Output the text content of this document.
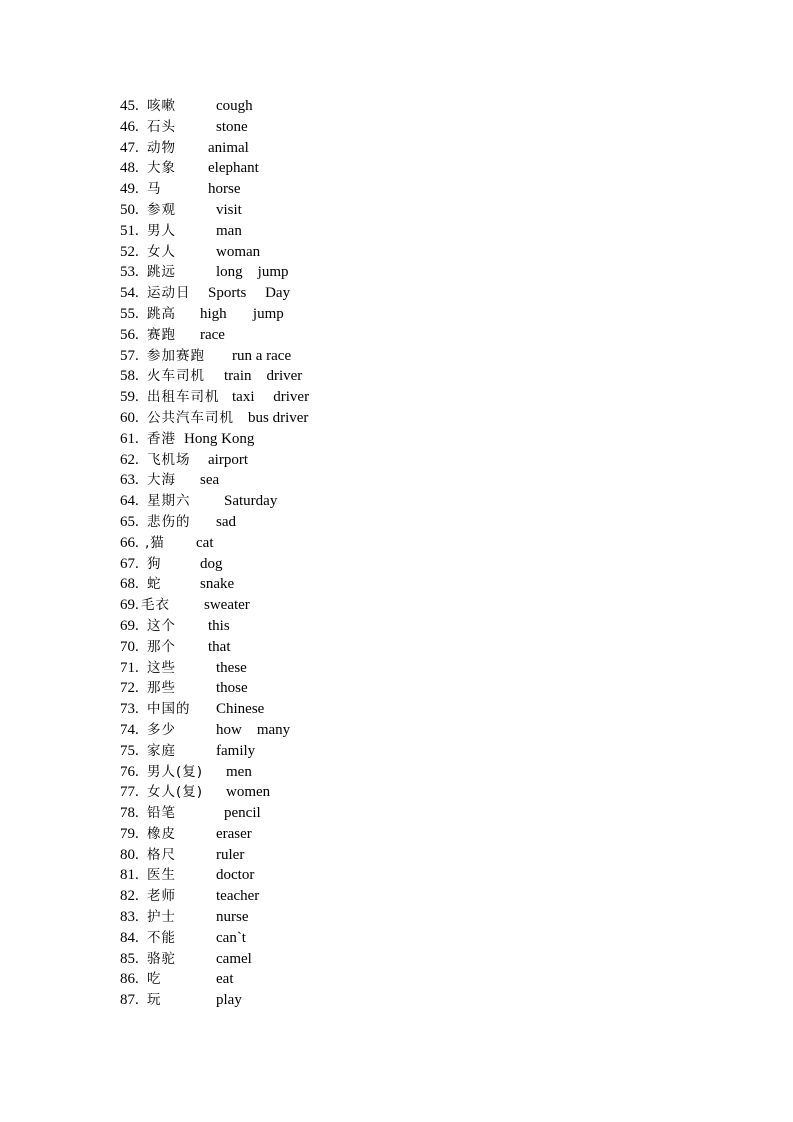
45. 咳嗽	cough
46. 石头	stone
47. 动物 animal
48. 大象 elephant
49. 马	horse
50. 参观	visit
51. 男人	man
52. 女人	woman
53. 跳远	long    jump
54. 运动日 Sports     Day
55. 跳高 high       jump
56. 赛跑 race
57. 参加赛跑 run a race
58. 火车司机 train    driver
59. 出租车司机 taxi     driver
60. 公共汽车司机 bus driver
61. 香港 Hong Kong
62. 飞机场 airport
63. 大海 sea
64. 星期六 Saturday
65. 悲伤的 sad
66. ,猫 cat
67. 狗	dog
68. 蛇	snake
69. 毛衣 sweater
69. 这个 this
70. 那个 that
71. 这些	these
72. 那些	those
73. 中国的 Chinese
74. 多少	how    many
75. 家庭	family
76. 男人(复) men
77. 女人(复) women
78. 铅笔	pencil
79. 橡皮	eraser
80. 格尺	ruler
81. 医生	doctor
82. 老师	teacher
83. 护士	nurse
84. 不能	can`t
85. 骆驼	camel
86. 吃	eat
87. 玩	play
